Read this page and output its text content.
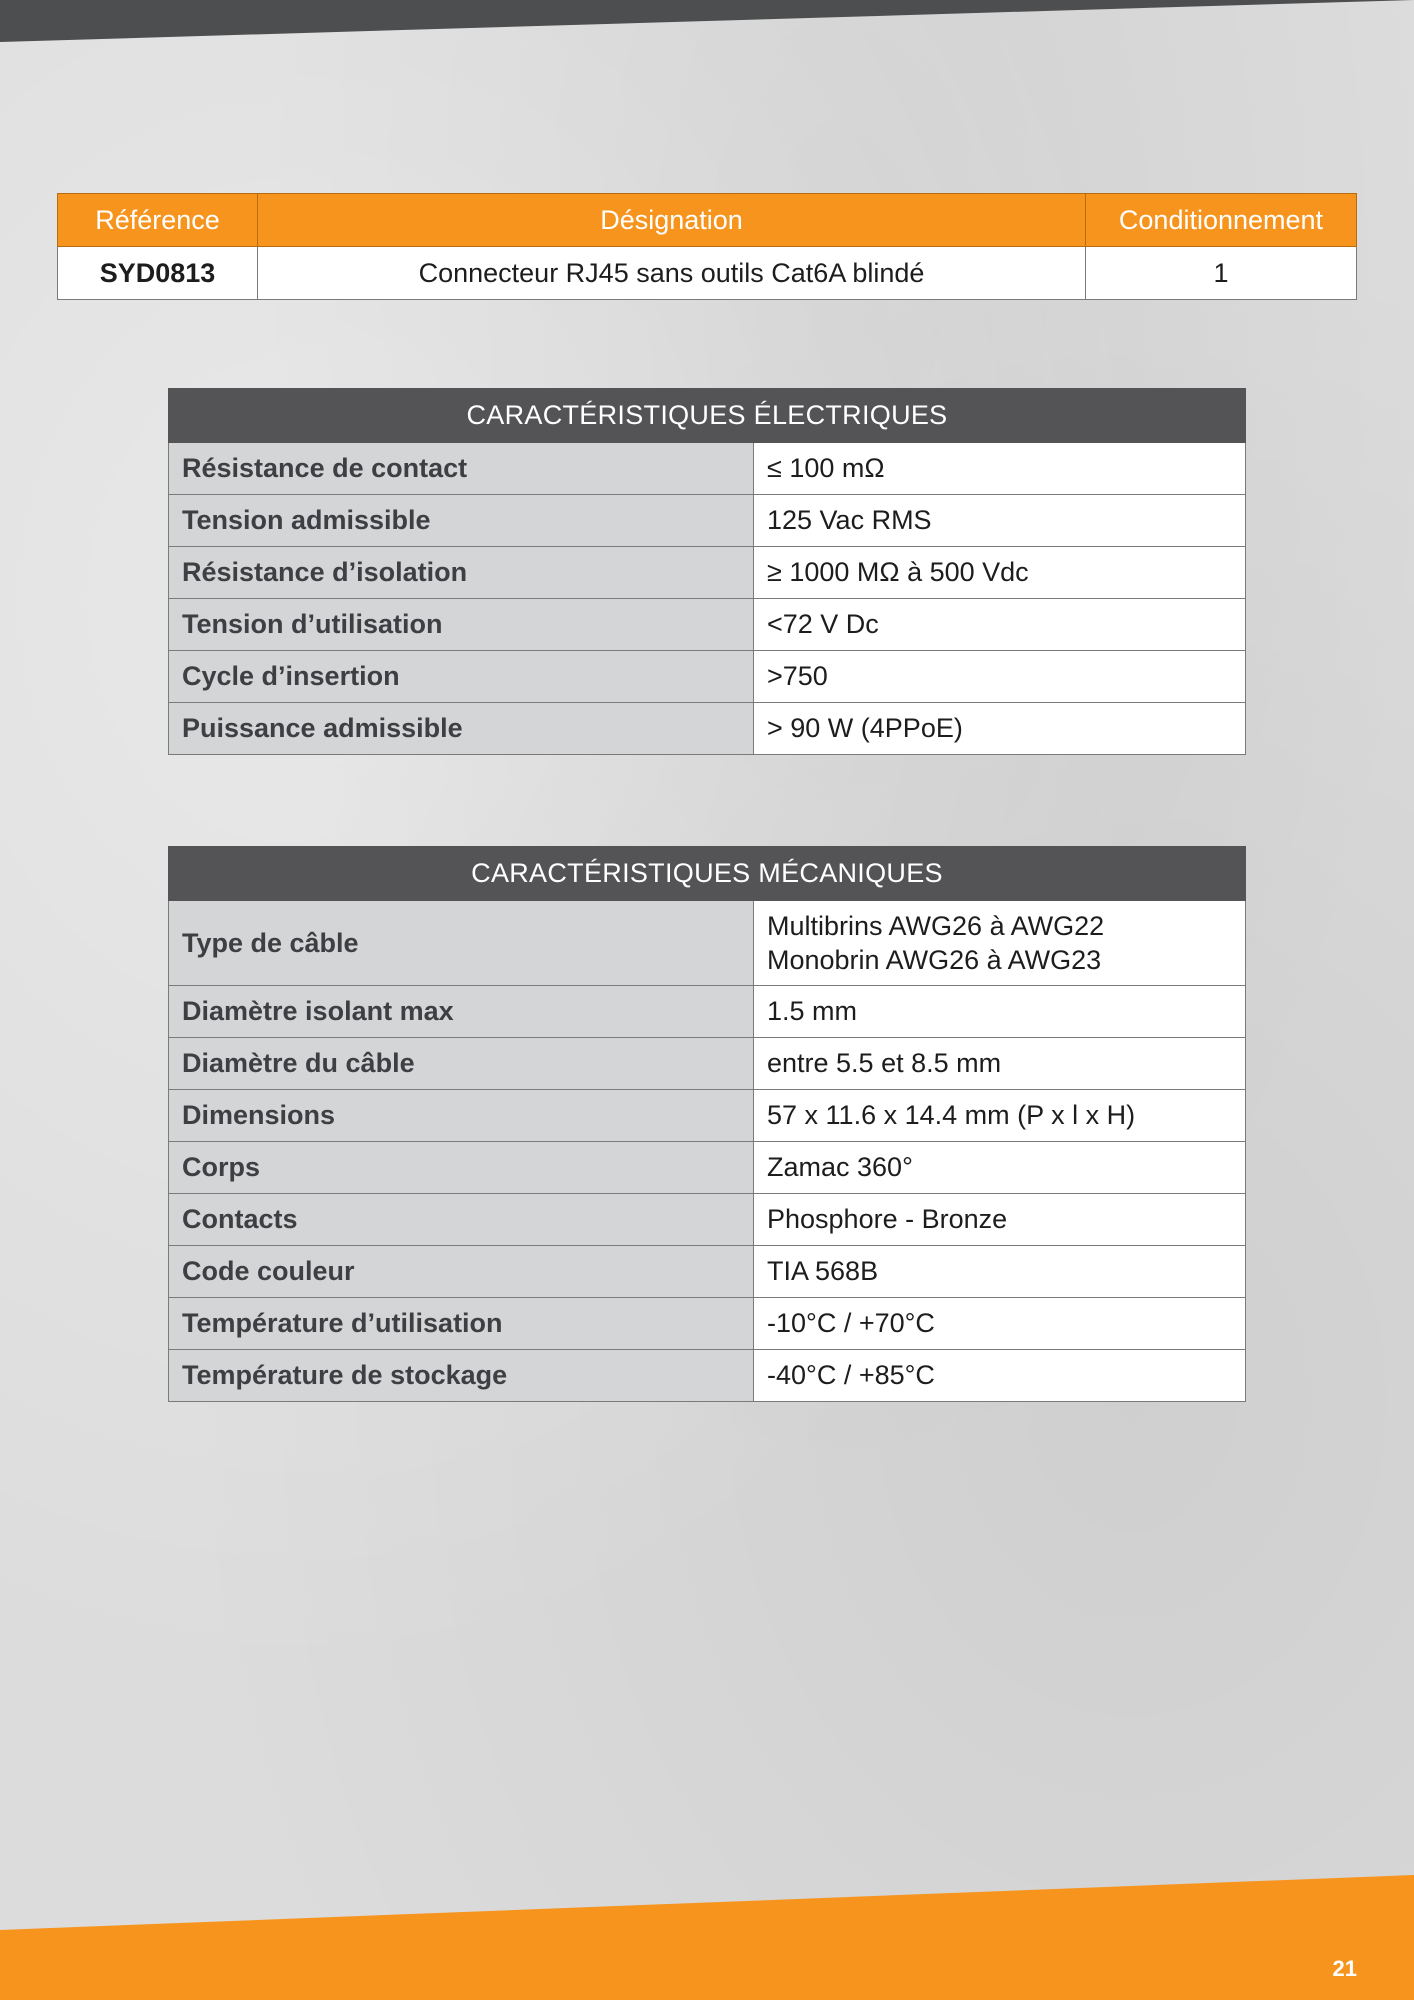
Référence	Désignation	Conditionnement
SYD0813	Connecteur RJ45 sans outils Cat6A blindé	1
CARACTÉRISTIQUES ÉLECTRIQUES	
Résistance de contact	≤ 100 mΩ
Tension admissible	125 Vac RMS
Résistance d’isolation	≥ 1000 MΩ à 500 Vdc
Tension d’utilisation	<72 V Dc
Cycle d’insertion	>750
Puissance admissible	> 90 W (4PPoE)
CARACTÉRISTIQUES MÉCANIQUES	
Type de câble	Multibrins AWG26 à AWG22
Monobrin AWG26 à AWG23

Diamètre isolant max	1.5 mm
Diamètre du câble	entre 5.5 et 8.5 mm
Dimensions	57 x 11.6 x 14.4 mm (P x l x H)
Corps	Zamac 360°
Contacts	Phosphore - Bronze
Code couleur	TIA 568B
Température d’utilisation	-10°C / +70°C
Température de stockage	-40°C / +85°C
21
